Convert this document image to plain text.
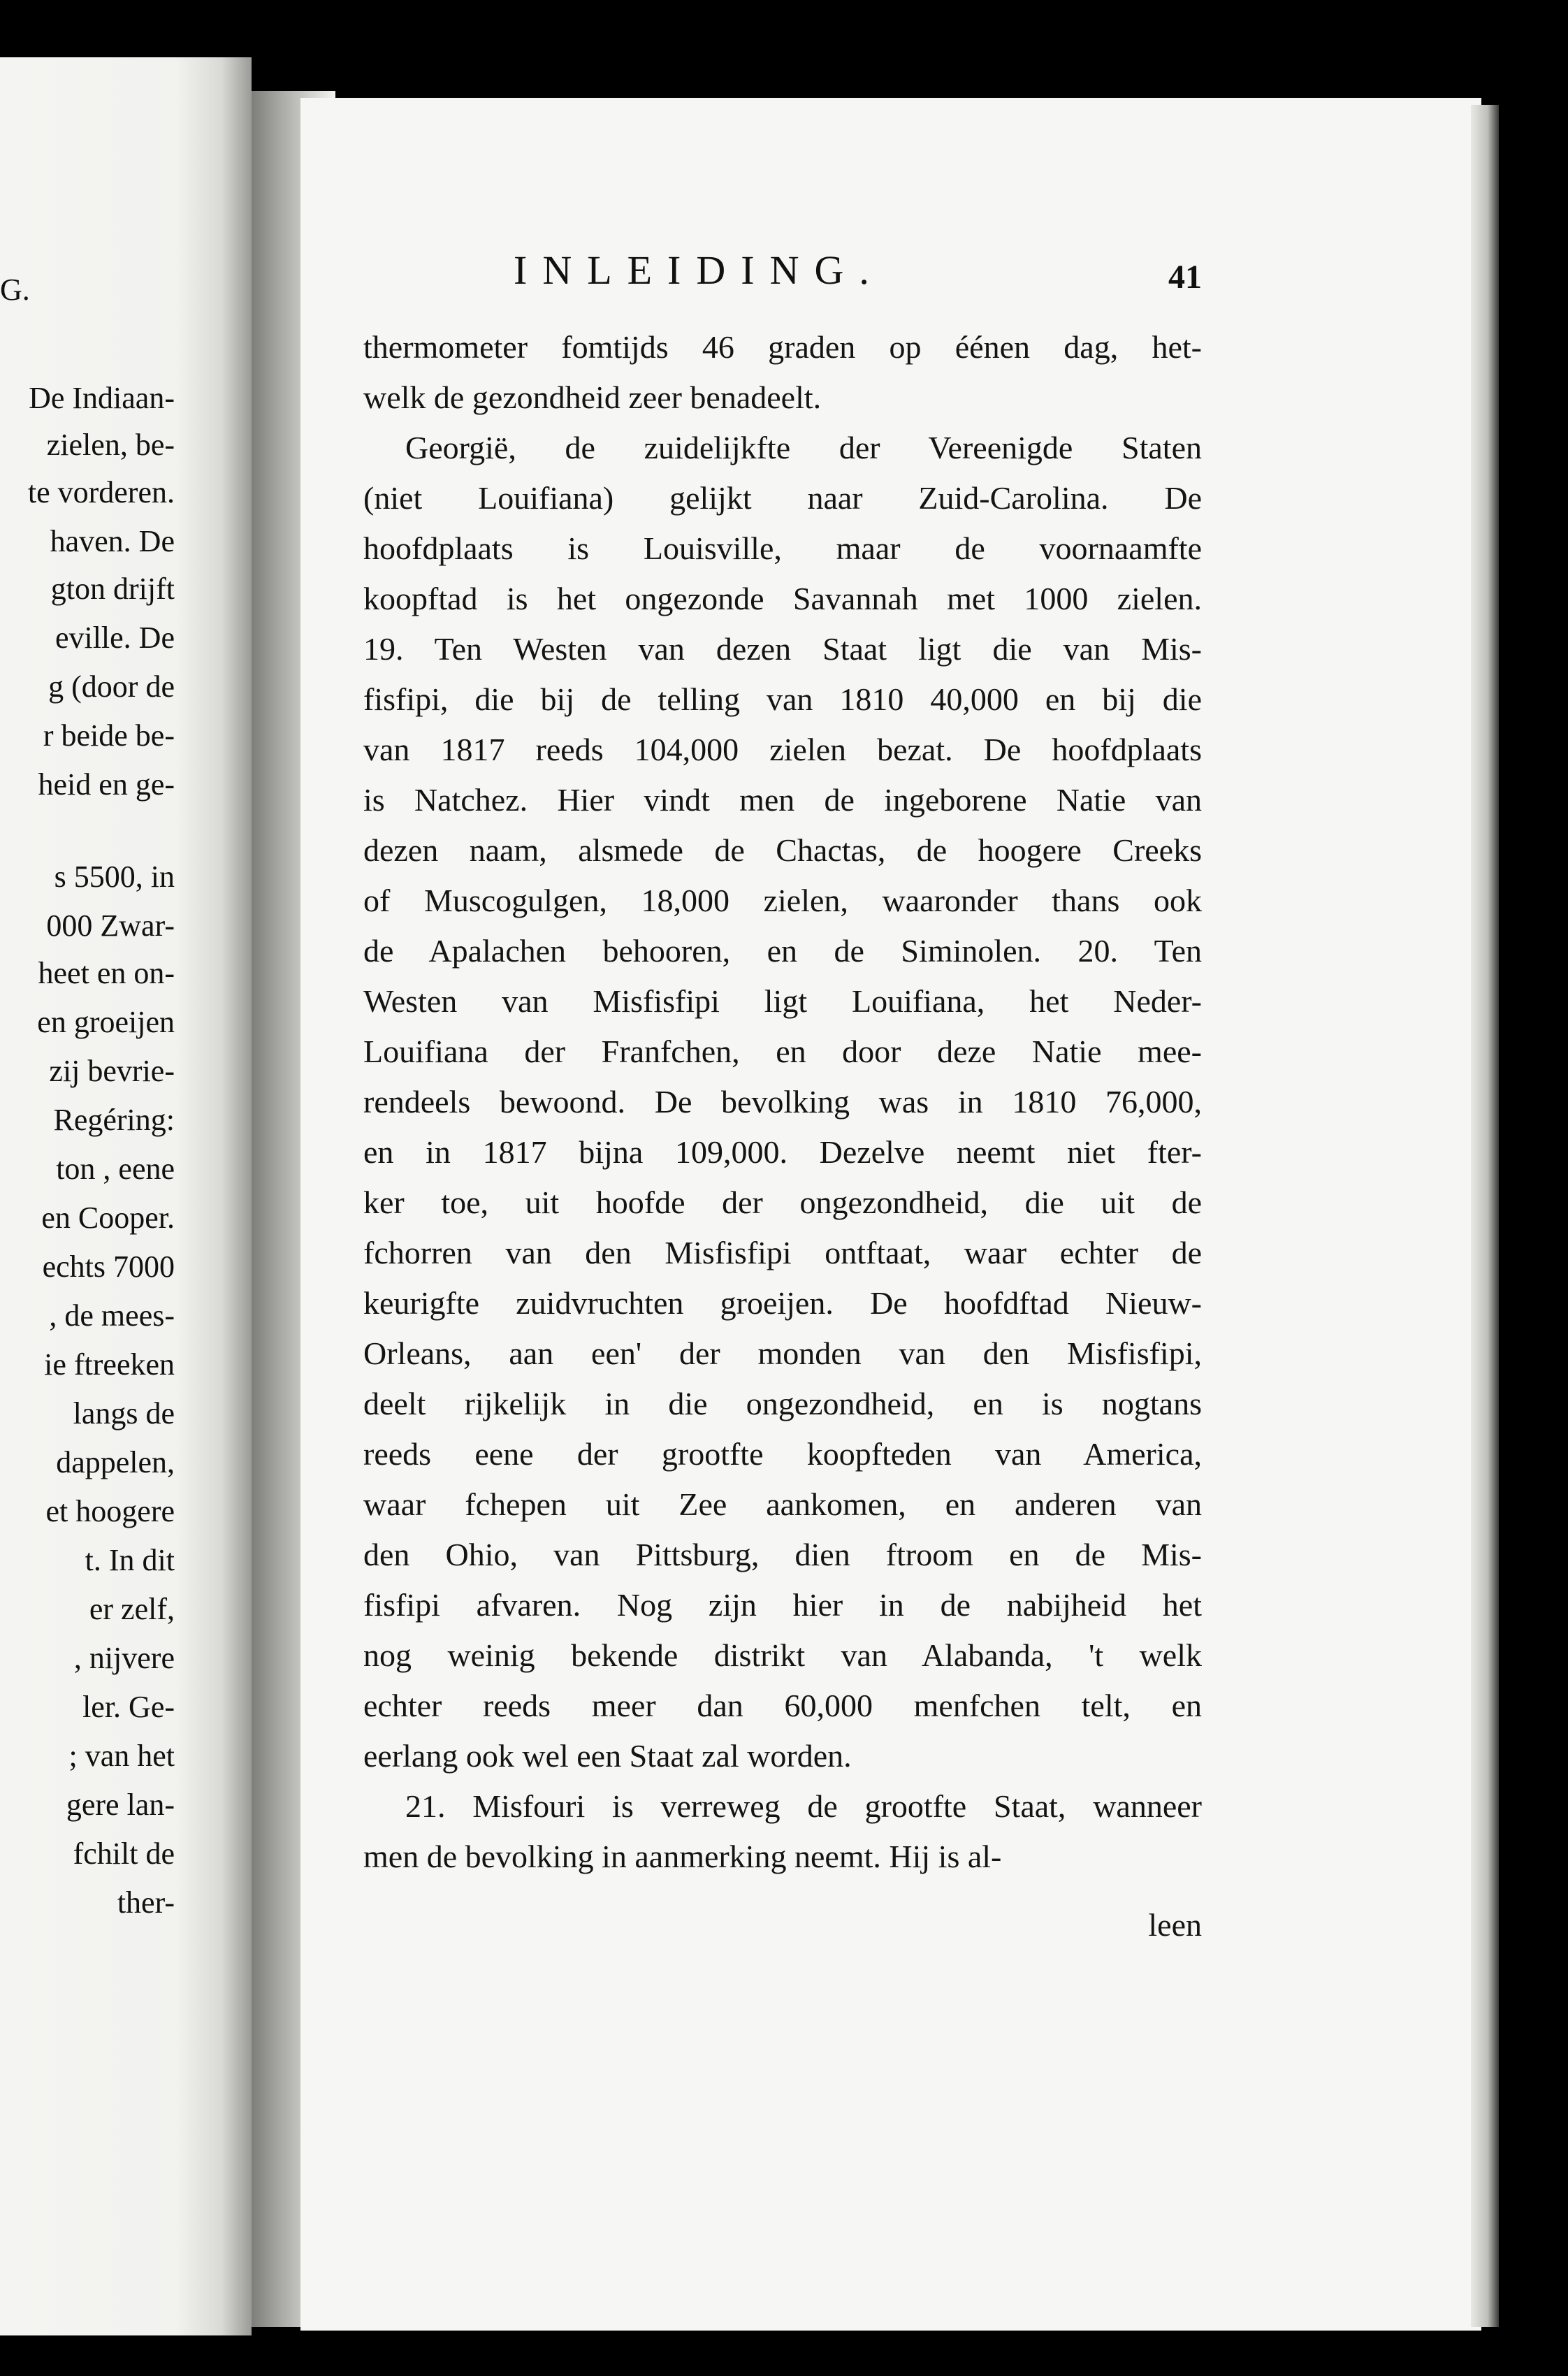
G.
De Indiaan-
zielen, be-
te vorderen.
haven. De
gton drijft
eville. De
g (door de
r beide be-
heid en ge-
s 5500, in
000 Zwar-
heet en on-
en groeijen
zij bevrie-
Regéring:
ton , eene
en Cooper.
echts 7000
, de mees-
ie ftreeken
langs de
dappelen,
et hoogere
t. In dit
er zelf,
, nijvere
ler. Ge-
; van het
gere lan-
fchilt de
ther-
INLEIDING.	41
thermometer fomtijds 46 graden op éénen dag, het-
welk de gezondheid zeer benadeelt.
Georgië, de zuidelijkfte der Vereenigde Staten
(niet Louifiana) gelijkt naar Zuid-Carolina. De
hoofdplaats is Louisville, maar de voornaamfte
koopftad is het ongezonde Savannah met 1000 zielen.
19. Ten Westen van dezen Staat ligt die van Mis-
fisfipi, die bij de telling van 1810 40,000 en bij die
van 1817 reeds 104,000 zielen bezat. De hoofdplaats
is Natchez. Hier vindt men de ingeborene Natie van
dezen naam, alsmede de Chactas, de hoogere Creeks
of Muscogulgen, 18,000 zielen, waaronder thans ook
de Apalachen behooren, en de Siminolen. 20. Ten
Westen van Misfisfipi ligt Louifiana, het Neder-
Louifiana der Franfchen, en door deze Natie mee-
rendeels bewoond. De bevolking was in 1810 76,000,
en in 1817 bijna 109,000. Dezelve neemt niet fter-
ker toe, uit hoofde der ongezondheid, die uit de
fchorren van den Misfisfipi ontftaat, waar echter de
keurigfte zuidvruchten groeijen. De hoofdftad Nieuw-
Orleans, aan een' der monden van den Misfisfipi,
deelt rijkelijk in die ongezondheid, en is nogtans
reeds eene der grootfte koopfteden van America,
waar fchepen uit Zee aankomen, en anderen van
den Ohio, van Pittsburg, dien ftroom en de Mis-
fisfipi afvaren. Nog zijn hier in de nabijheid het
nog weinig bekende distrikt van Alabanda, 't welk
echter reeds meer dan 60,000 menfchen telt, en
eerlang ook wel een Staat zal worden.
21. Misfouri is verreweg de grootfte Staat, wanneer
men de bevolking in aanmerking neemt. Hij is al-
leen
